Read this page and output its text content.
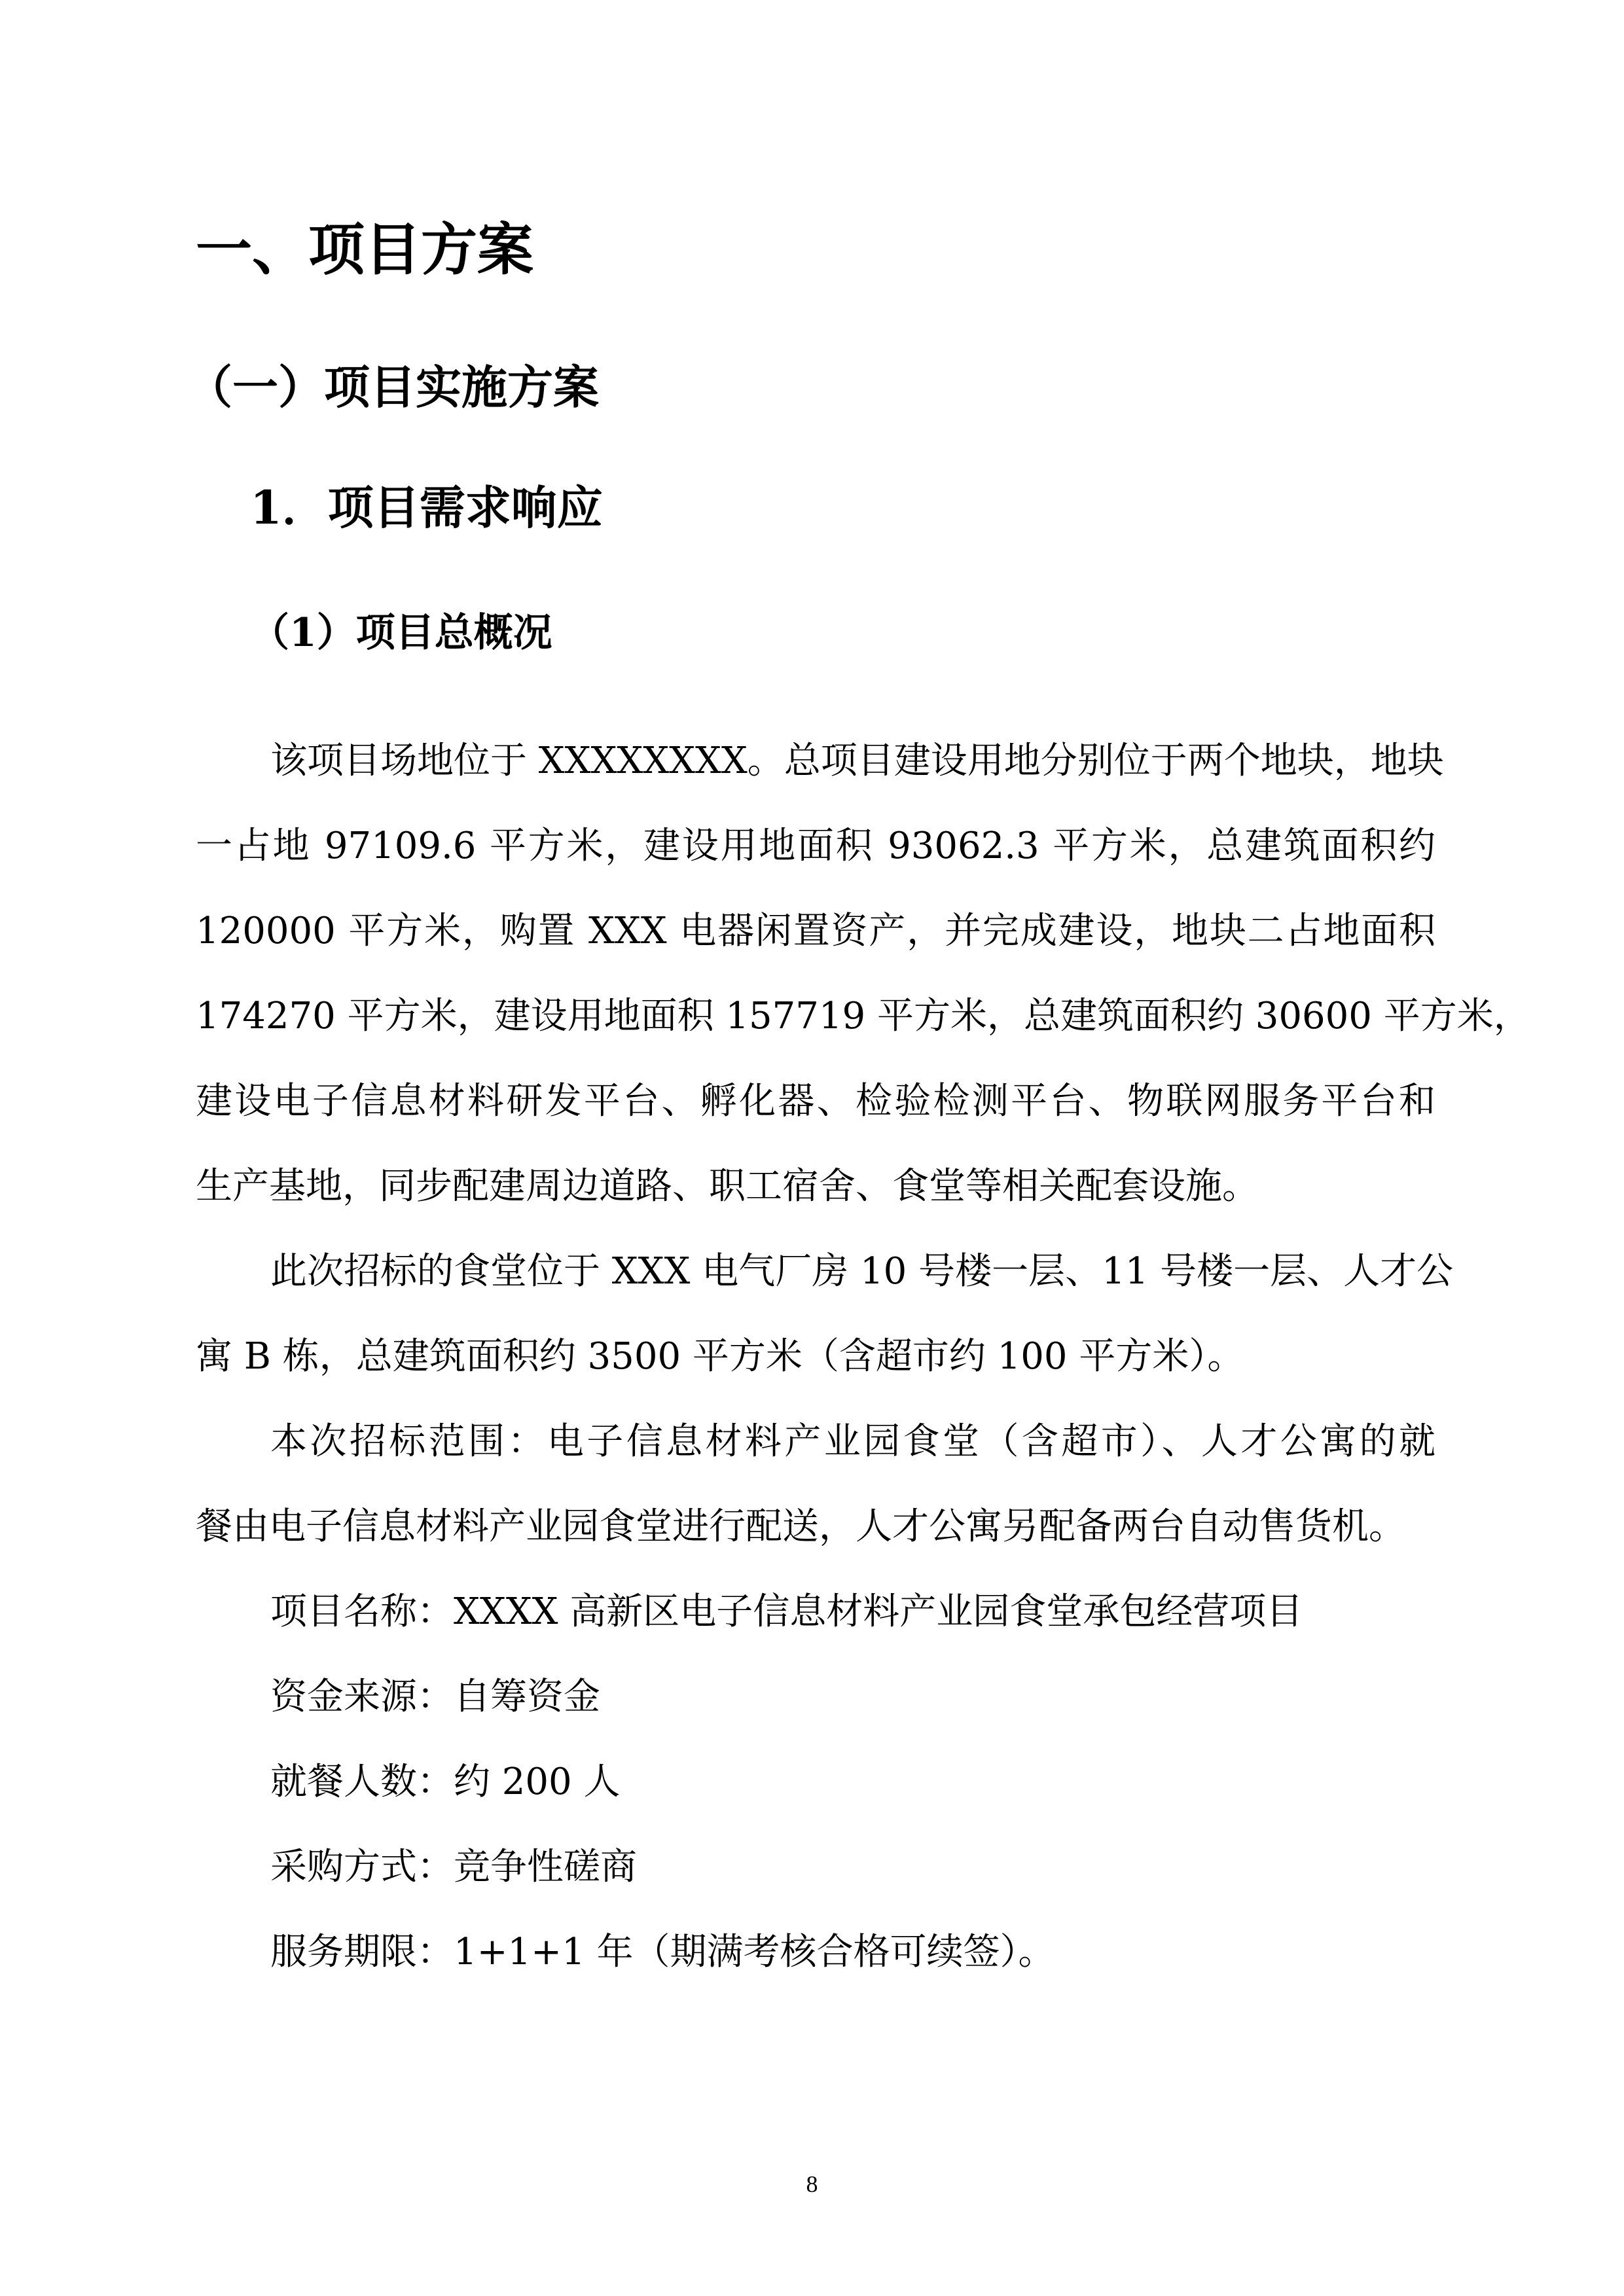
一、项目方案
（一）项目实施方案
1．项目需求响应
（1）项目总概况
该项目场地位于 XXXXXXXX。总项目建设用地分别位于两个地块，地块
一占地 97109.6 平方米，建设用地面积 93062.3 平方米，总建筑面积约
120000 平方米，购置 XXX 电器闲置资产，并完成建设，地块二占地面积
174270 平方米，建设用地面积 157719 平方米，总建筑面积约 30600 平方米，
建设电子信息材料研发平台、孵化器、检验检测平台、物联网服务平台和
生产基地，同步配建周边道路、职工宿舍、食堂等相关配套设施。
此次招标的食堂位于 XXX 电气厂房 10 号楼一层、11 号楼一层、人才公
寓 B 栋，总建筑面积约 3500 平方米（含超市约 100 平方米）。
本次招标范围：电子信息材料产业园食堂（含超市）、人才公寓的就
餐由电子信息材料产业园食堂进行配送，人才公寓另配备两台自动售货机。
项目名称：XXXX 高新区电子信息材料产业园食堂承包经营项目
资金来源：自筹资金
就餐人数：约 200 人
采购方式：竞争性磋商
服务期限：1+1+1 年（期满考核合格可续签）。
8
